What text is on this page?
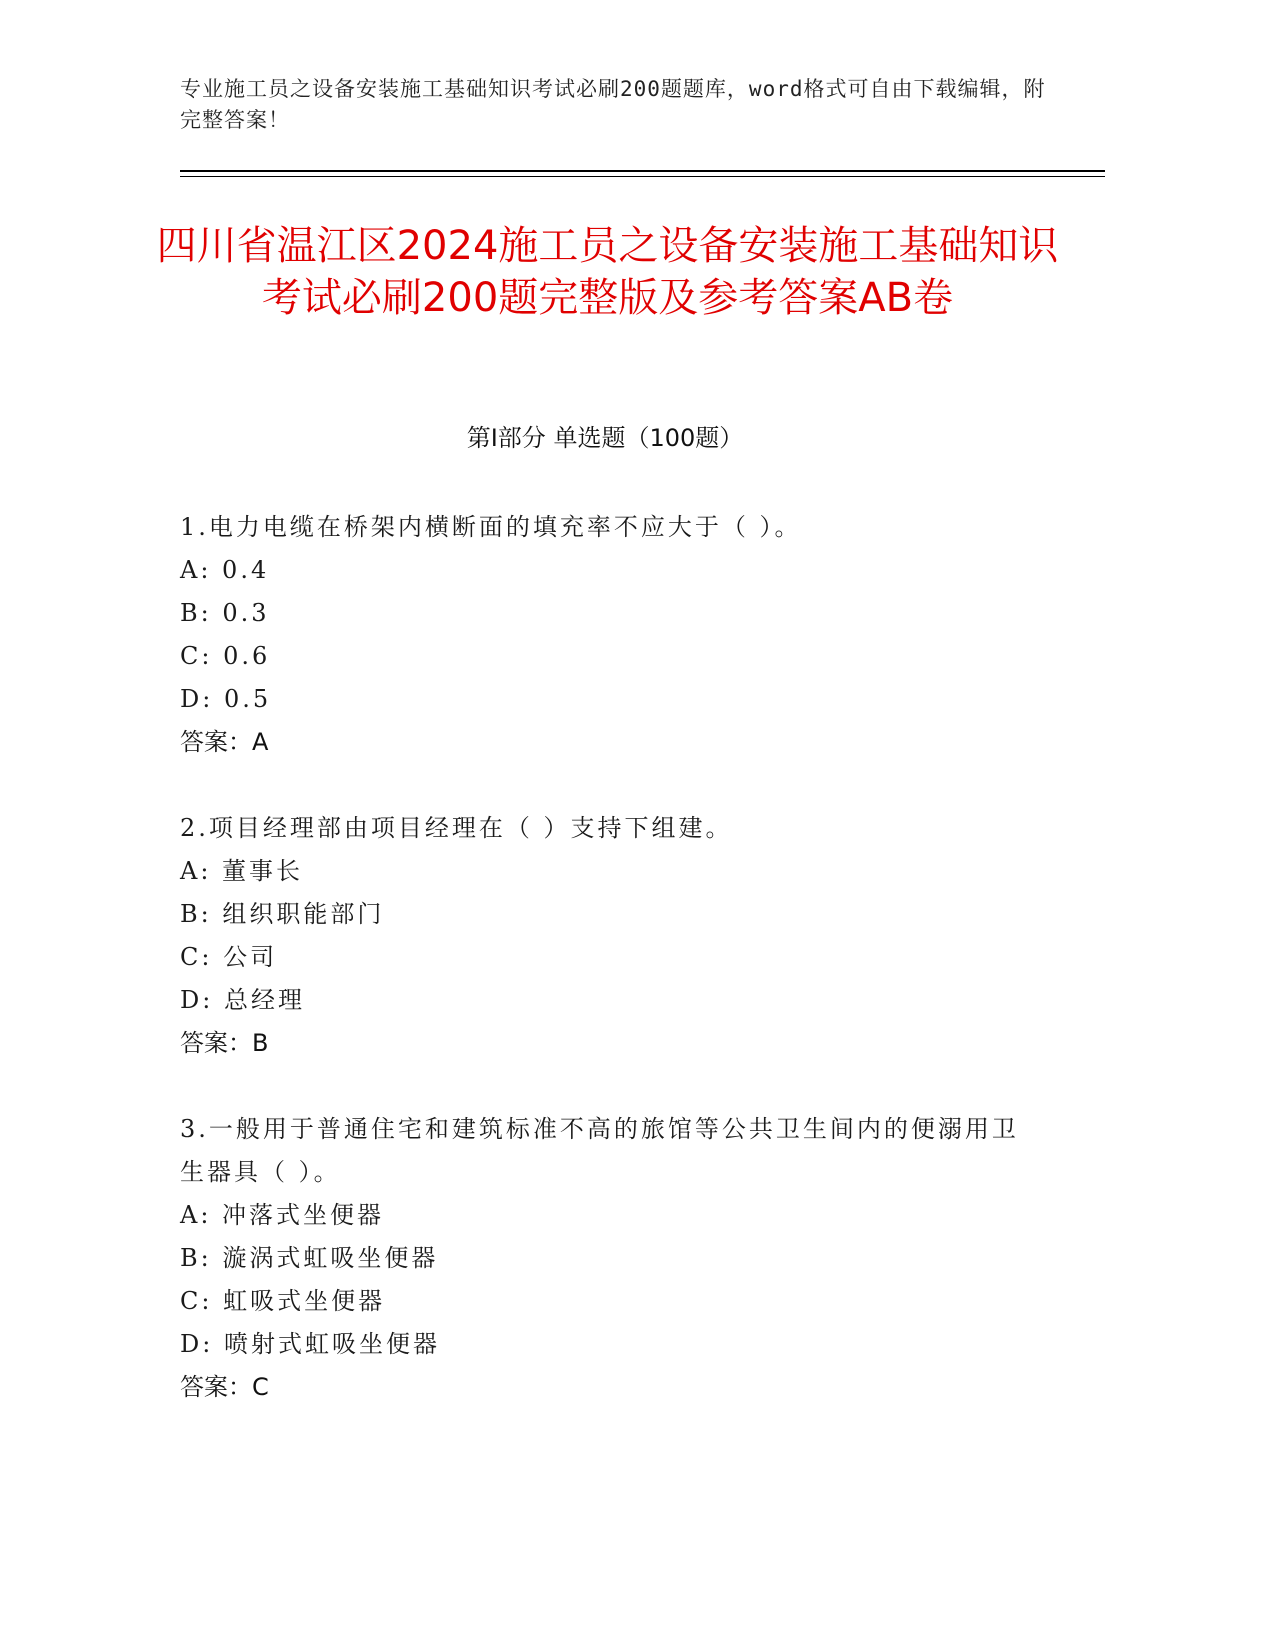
专业施工员之设备安装施工基础知识考试必刷200题题库，word格式可自由下载编辑，附完整答案！
四川省温江区2024施工员之设备安装施工基础知识考试必刷200题完整版及参考答案AB卷
第I部分 单选题（100题）
1.电力电缆在桥架内横断面的填充率不应大于（ ）。
A: 0.4
B: 0.3
C: 0.6
D: 0.5
答案：A
2.项目经理部由项目经理在（ ）支持下组建。
A: 董事长
B: 组织职能部门
C: 公司
D: 总经理
答案：B
3.一般用于普通住宅和建筑标准不高的旅馆等公共卫生间内的便溺用卫生器具（ ）。
A: 冲落式坐便器
B: 漩涡式虹吸坐便器
C: 虹吸式坐便器
D: 喷射式虹吸坐便器
答案：C
